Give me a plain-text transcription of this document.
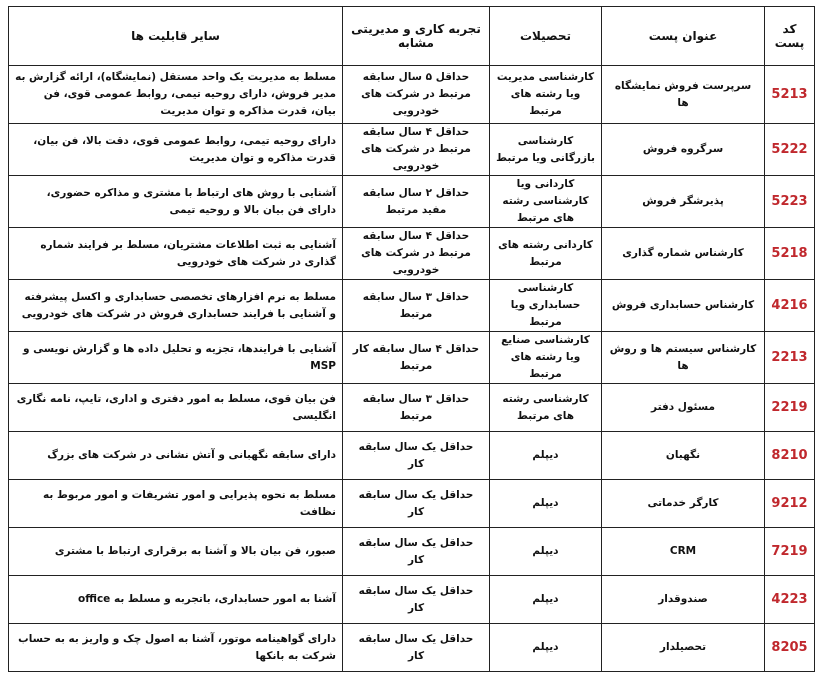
کد پست	عنوان پست	تحصیلات	تجربه کاری و مدیریتی مشابه	سایر قابلیت ها
5213	سرپرست فروش نمایشگاه ها	کارشناسی مدیریت ویا رشته های مرتبط	حداقل ۵ سال سابقه مرتبط در شرکت های خودرویی	مسلط به مدیریت یک واحد مستقل (نمایشگاه)، ارائه گزارش به مدیر فروش، دارای روحیه تیمی، روابط عمومی قوی، فن بیان، قدرت مذاکره و توان مدیریت
5222	سرگروه فروش	کارشناسی بازرگانی ویا مرتبط	حداقل ۴ سال سابقه مرتبط در شرکت های خودرویی	دارای روحیه تیمی، روابط عمومی قوی، دقت بالا، فن بیان، قدرت مذاکره و توان مدیریت
5223	پذیرشگر فروش	کاردانی ویا کارشناسی رشته های مرتبط	حداقل ۲ سال سابقه مفید مرتبط	آشنایی با روش های ارتباط با مشتری و مذاکره حضوری، دارای فن بیان بالا و روحیه تیمی
5218	کارشناس شماره گذاری	کاردانی رشته های مرتبط	حداقل ۴ سال سابقه مرتبط در شرکت های خودرویی	آشنایی به ثبت اطلاعات مشتریان، مسلط بر فرایند شماره گذاری در شرکت های خودرویی
4216	کارشناس حسابداری فروش	کارشناسی حسابداری ویا مرتبط	حداقل ۳ سال سابقه مرتبط	مسلط به نرم افزارهای تخصصی حسابداری و اکسل پیشرفته و آشنایی با فرایند حسابداری فروش در شرکت های خودرویی
2213	کارشناس سیستم ها و روش ها	کارشناسی صنایع ویا رشته های مرتبط	حداقل ۴ سال سابقه کار مرتبط	آشنایی با فرایندها، تجزیه و تحلیل داده ها و گزارش نویسی و MSP
2219	مسئول دفتر	کارشناسی رشته های مرتبط	حداقل ۳ سال سابقه مرتبط	فن بیان قوی، مسلط به امور دفتری و اداری، تایپ، نامه نگاری انگلیسی
8210	نگهبان	دیپلم	حداقل یک سال سابقه کار	دارای سابقه نگهبانی و آتش نشانی در شرکت های بزرگ
9212	کارگر خدماتی	دیپلم	حداقل یک سال سابقه کار	مسلط به نحوه پذیرایی و امور تشریفات و امور مربوط به نظافت
7219	CRM	دیپلم	حداقل یک سال سابقه کار	صبور، فن بیان بالا و آشنا به برقراری ارتباط با مشتری
4223	صندوقدار	دیپلم	حداقل یک سال سابقه کار	آشنا به امور حسابداری، باتجربه و مسلط به office
8205	تحصیلدار	دیپلم	حداقل یک سال سابقه کار	دارای گواهینامه موتور، آشنا به اصول چک و واریز به به حساب شرکت به بانکها
